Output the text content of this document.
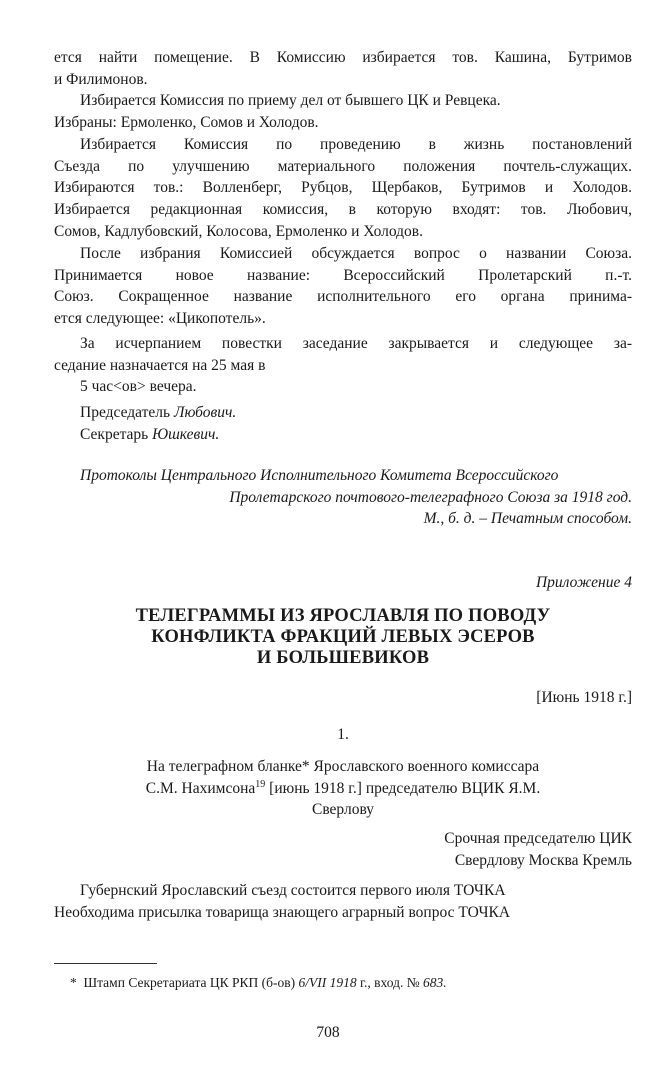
ется найти помещение. В Комиссию избирается тов. Кашина, Бутримов
и Филимонов.
Избирается Комиссия по приему дел от бывшего ЦК и Ревцека.
Избраны: Ермоленко, Сомов и Холодов.
Избирается Комиссия по проведению в жизнь постановлений
Съезда по улучшению материального положения почтель-служащих.
Избираются тов.: Волленберг, Рубцов, Щербаков, Бутримов и Холодов.
Избирается редакционная комиссия, в которую входят: тов. Любович,
Сомов, Кадлубовский, Колосова, Ермоленко и Холодов.
После избрания Комиссией обсуждается вопрос о названии Союза.
Принимается новое название: Всероссийский Пролетарский п.-т.
Союз. Сокращенное название исполнительного его органа принима-
ется следующее: «Цикопотель».
За исчерпанием повестки заседание закрывается и следующее за-
седание назначается на 25 мая в
5 час<ов> вечера.
Председатель Любович.
Секретарь Юшкевич.
Протоколы Центрального Исполнительного Комитета Всероссийского
Пролетарского почтового-телеграфного Союза за 1918 год.
М., б. д. – Печатным способом.
Приложение 4
ТЕЛЕГРАММЫ ИЗ ЯРОСЛАВЛЯ ПО ПОВОДУ
КОНФЛИКТА ФРАКЦИЙ ЛЕВЫХ ЭСЕРОВ
И БОЛЬШЕВИКОВ
[Июнь 1918 г.]
1.
На телеграфном бланке* Ярославского военного комиссара
С.М. Нахимсона$^{19}$ [июнь 1918 г.] председателю ВЦИК Я.М.
Сверлову
Срочная председателю ЦИК
Свердлову Москва Кремль
Губернский Ярославский съезд состоится первого июля ТОЧКА
Необходима присылка товарища знающего аграрный вопрос ТОЧКА
* Штамп Секретариата ЦК РКП (б-ов) 6/VII 1918 г., вход. № 683.
708
